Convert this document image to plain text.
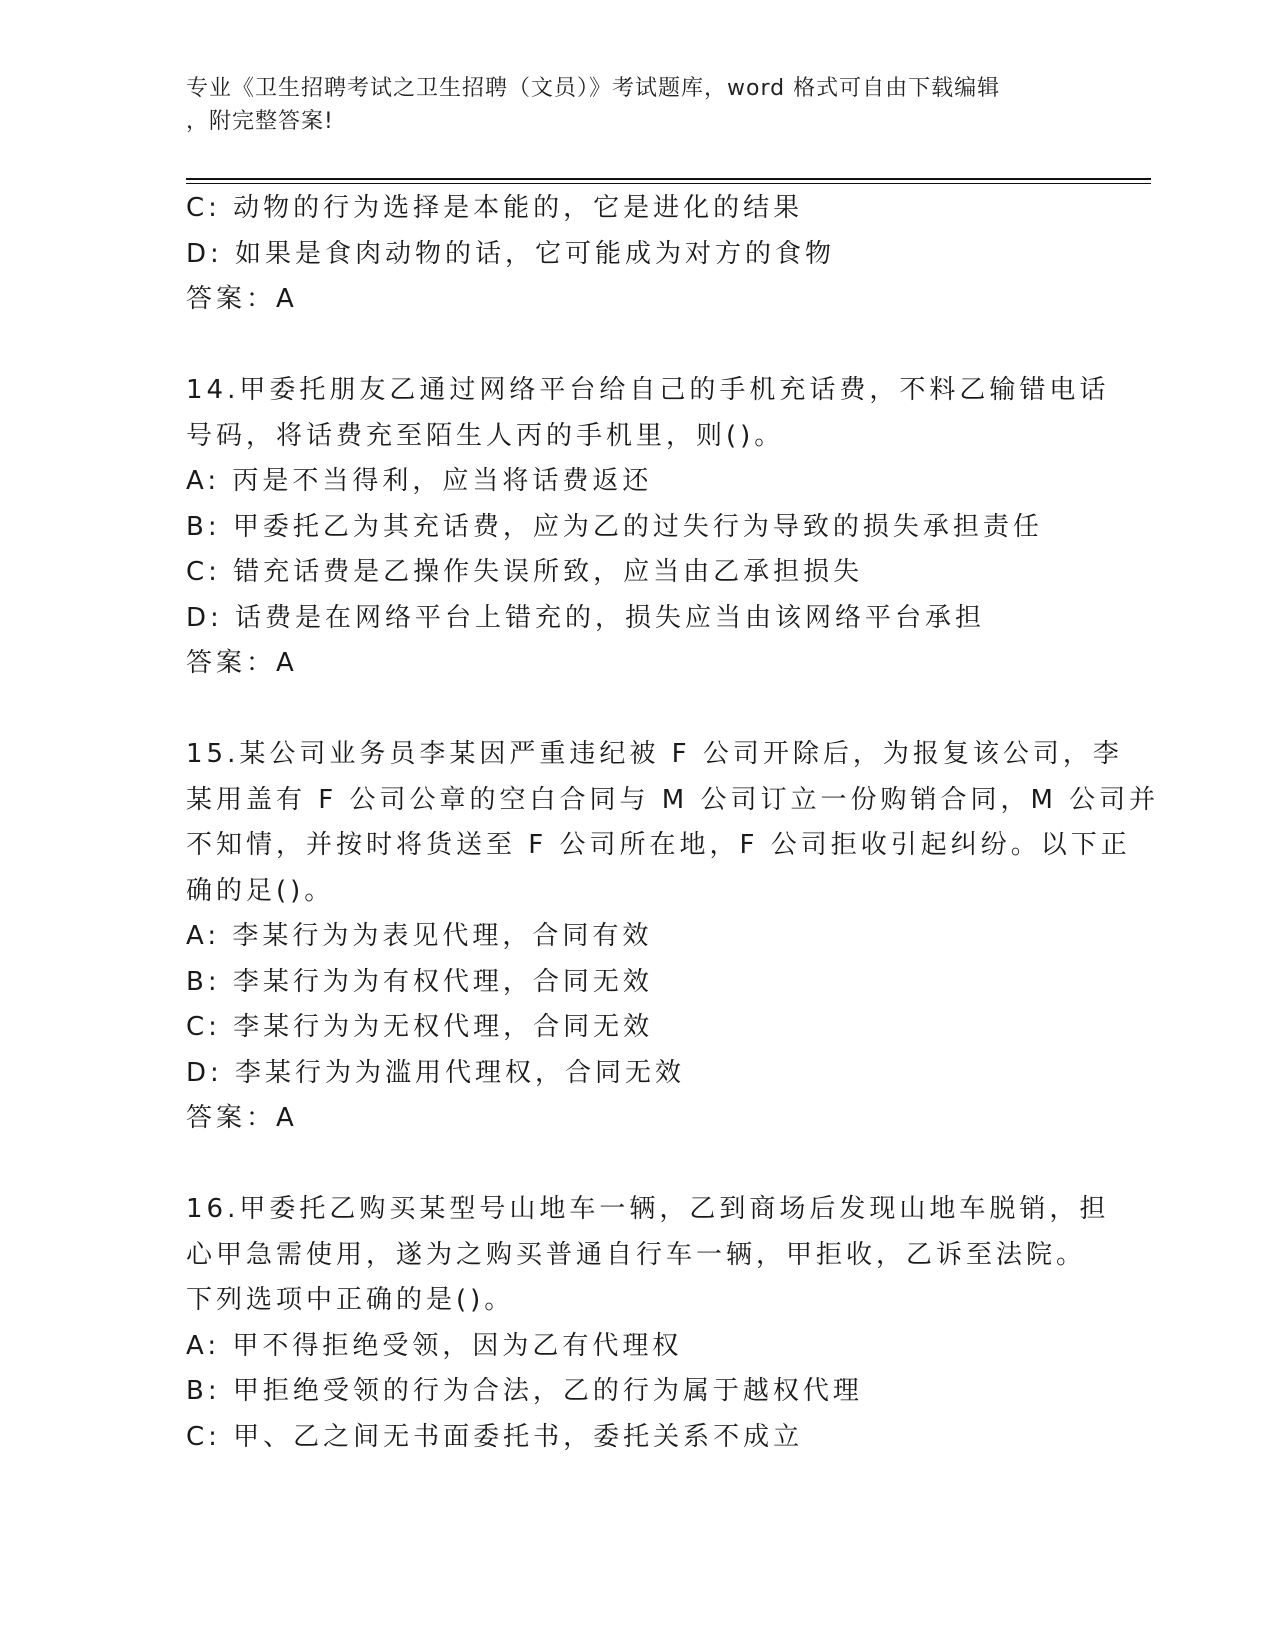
专业《卫生招聘考试之卫生招聘（文员）》考试题库，word 格式可自由下载编辑
，附完整答案!
C: 动物的行为选择是本能的，它是进化的结果
D: 如果是食肉动物的话，它可能成为对方的食物
答案：A
14.甲委托朋友乙通过网络平台给自己的手机充话费，不料乙输错电话
号码，将话费充至陌生人丙的手机里，则()。
A: 丙是不当得利，应当将话费返还
B: 甲委托乙为其充话费，应为乙的过失行为导致的损失承担责任
C: 错充话费是乙操作失误所致，应当由乙承担损失
D: 话费是在网络平台上错充的，损失应当由该网络平台承担
答案：A
15.某公司业务员李某因严重违纪被 F 公司开除后，为报复该公司，李
某用盖有 F 公司公章的空白合同与 M 公司订立一份购销合同，M 公司并
不知情，并按时将货送至 F 公司所在地，F 公司拒收引起纠纷。以下正
确的足()。
A: 李某行为为表见代理，合同有效
B: 李某行为为有权代理，合同无效
C: 李某行为为无权代理，合同无效
D: 李某行为为滥用代理权，合同无效
答案：A
16.甲委托乙购买某型号山地车一辆，乙到商场后发现山地车脱销，担
心甲急需使用，遂为之购买普通自行车一辆，甲拒收，乙诉至法院。
下列选项中正确的是()。
A: 甲不得拒绝受领，因为乙有代理权
B: 甲拒绝受领的行为合法，乙的行为属于越权代理
C: 甲、乙之间无书面委托书，委托关系不成立
